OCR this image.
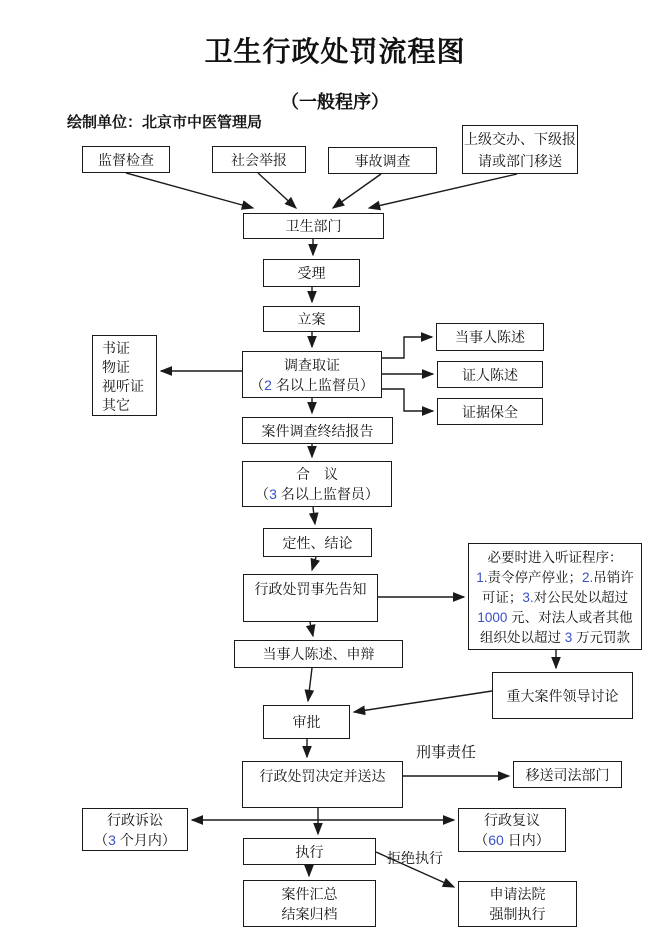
卫生行政处罚流程图
（一般程序）
绘制单位：北京市中医管理局
监督检查	社会举报	事故调查
上级交办、下级报
请或部门移送
卫生部门
受理
立案
调查取证
（2 名以上监督员）
书证
物证
视听证
其它
当事人陈述
证人陈述
证据保全
案件调查终结报告
合　议
（3 名以上监督员）
定性、结论
行政处罚事先告知
必要时进入听证程序：
1.责令停产停业；2.吊销许
可证；3.对公民处以超过
1000 元、对法人或者其他
组织处以超过 3 万元罚款
当事人陈述、申辩
重大案件领导讨论
审批
行政处罚决定并送达	移送司法部门
行政诉讼
（3 个月内）
行政复议
（60 日内）
执行
案件汇总
结案归档
申请法院
强制执行
刑事责任
拒绝执行
